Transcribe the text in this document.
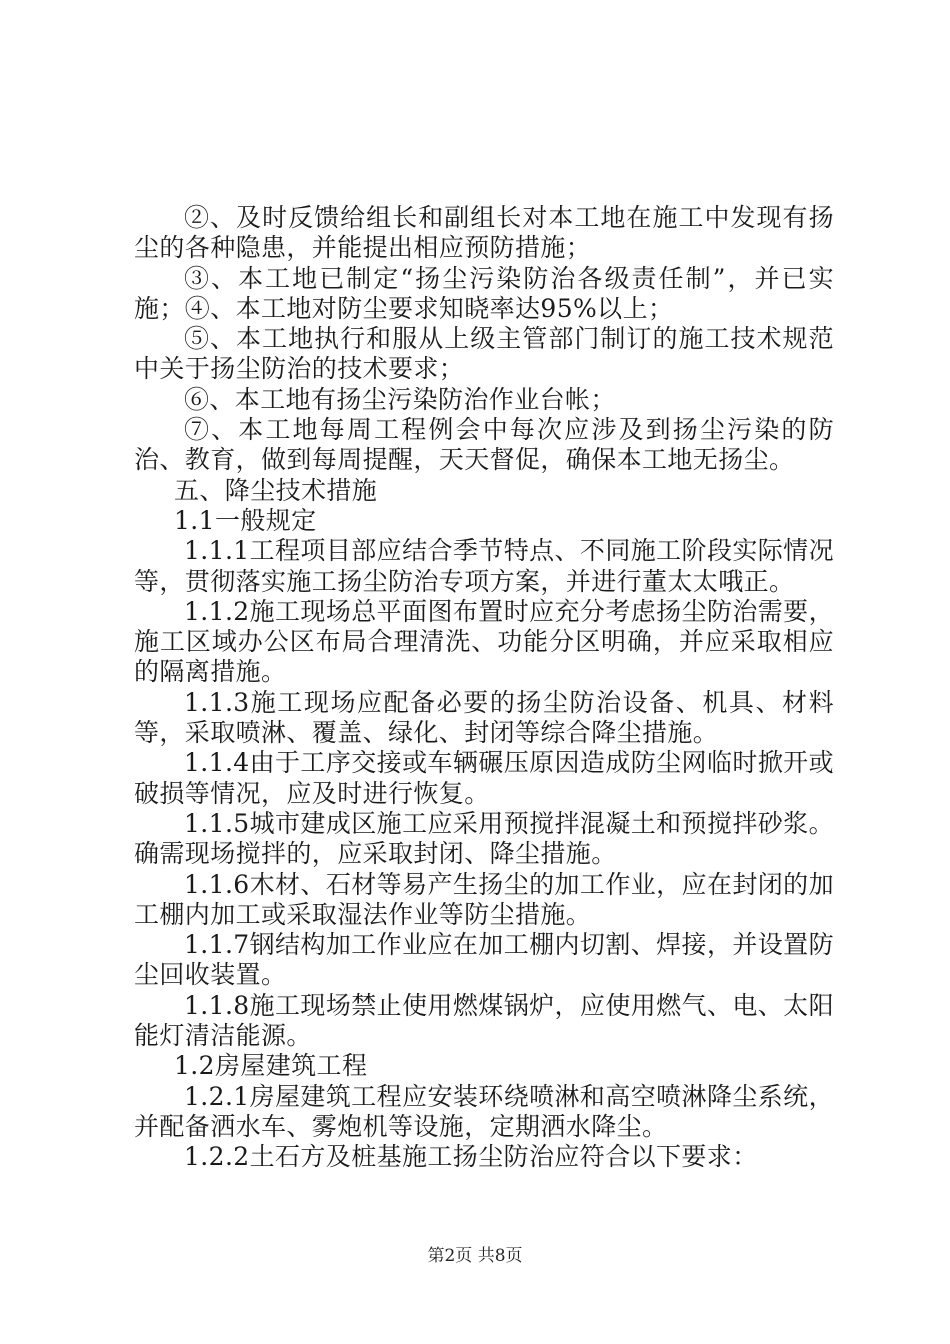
②、及时反馈给组长和副组长对本工地在施工中发现有扬尘的各种隐患，并能提出相应预防措施；

③、本工地已制定“扬尘污染防治各级责任制”，并已实施；④、本工地对防尘要求知晓率达95%以上；

⑤、本工地执行和服从上级主管部门制订的施工技术规范中关于扬尘防治的技术要求；

⑥、本工地有扬尘污染防治作业台帐；

⑦、本工地每周工程例会中每次应涉及到扬尘污染的防治、教育，做到每周提醒，天天督促，确保本工地无扬尘。

五、降尘技术措施

1.1一般规定

1.1.1工程项目部应结合季节特点、不同施工阶段实际情况等，贯彻落实施工扬尘防治专项方案，并进行董太太哦正。

1.1.2施工现场总平面图布置时应充分考虑扬尘防治需要，施工区域办公区布局合理清洗、功能分区明确，并应采取相应的隔离措施。

1.1.3施工现场应配备必要的扬尘防治设备、机具、材料等，采取喷淋、覆盖、绿化、封闭等综合降尘措施。

1.1.4由于工序交接或车辆碾压原因造成防尘网临时掀开或破损等情况，应及时进行恢复。

1.1.5城市建成区施工应采用预搅拌混凝土和预搅拌砂浆。确需现场搅拌的，应采取封闭、降尘措施。

1.1.6木材、石材等易产生扬尘的加工作业，应在封闭的加工棚内加工或采取湿法作业等防尘措施。

1.1.7钢结构加工作业应在加工棚内切割、焊接，并设置防尘回收装置。

1.1.8施工现场禁止使用燃煤锅炉，应使用燃气、电、太阳能灯清洁能源。

1.2房屋建筑工程

1.2.1房屋建筑工程应安装环绕喷淋和高空喷淋降尘系统，并配备洒水车、雾炮机等设施，定期洒水降尘。

1.2.2土石方及桩基施工扬尘防治应符合以下要求：

第2页 共8页
